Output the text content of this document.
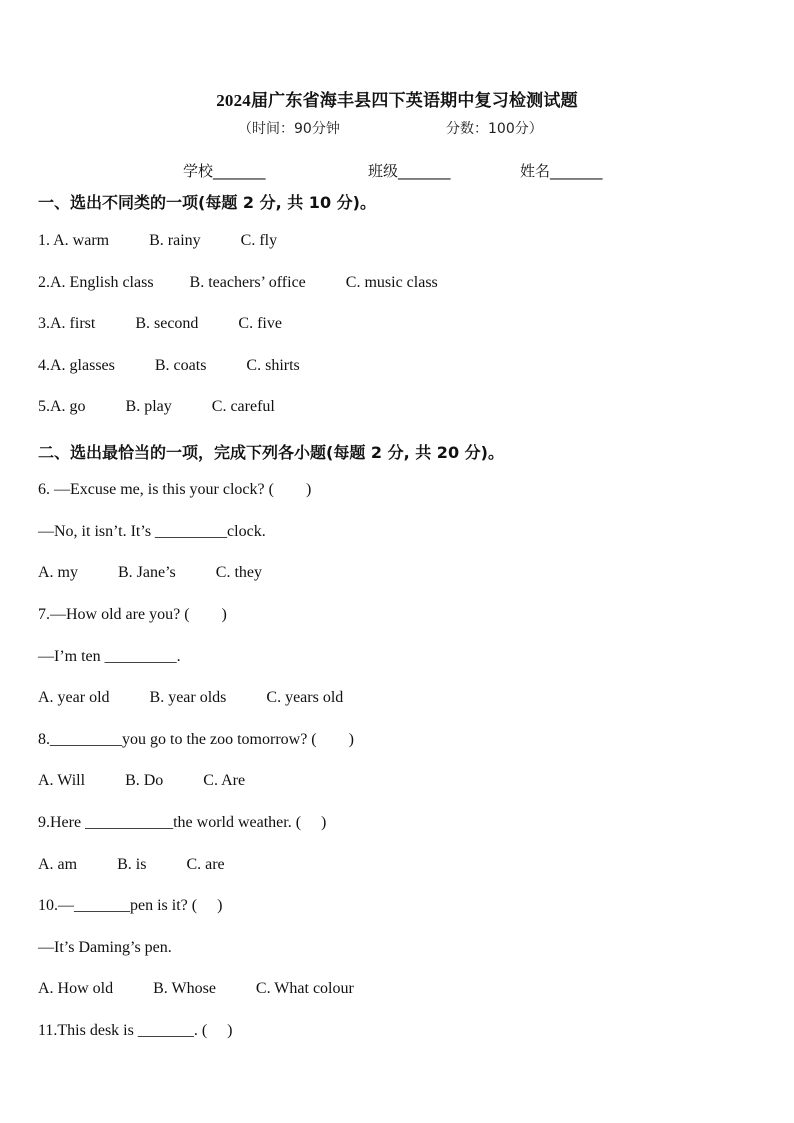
2024届广东省海丰县四下英语期中复习检测试题
（时间：90分钟	分数：100分）
学校_______	班级_______	姓名_______
一、选出不同类的一项(每题 2 分, 共 10 分)。
1. A. warm          B. rainy          C. fly
2.A. English class         B. teachers’ office          C. music class
3.A. first          B. second          C. five
4.A. glasses          B. coats          C. shirts
5.A. go          B. play          C. careful
二、选出最恰当的一项，完成下列各小题(每题 2 分, 共 20 分)。
6. —Excuse me, is this your clock? (        )
—No, it isn’t. It’s _________clock.
A. my          B. Jane’s          C. they
7.—How old are you? (        )
—I’m ten _________.
A. year old          B. year olds          C. years old
8._________you go to the zoo tomorrow? (        )
A. Will          B. Do          C. Are
9.Here ___________the world weather. (     )
A. am          B. is          C. are
10.—_______pen is it? (     )
—It’s Daming’s pen.
A. How old          B. Whose          C. What colour
11.This desk is _______. (     )
